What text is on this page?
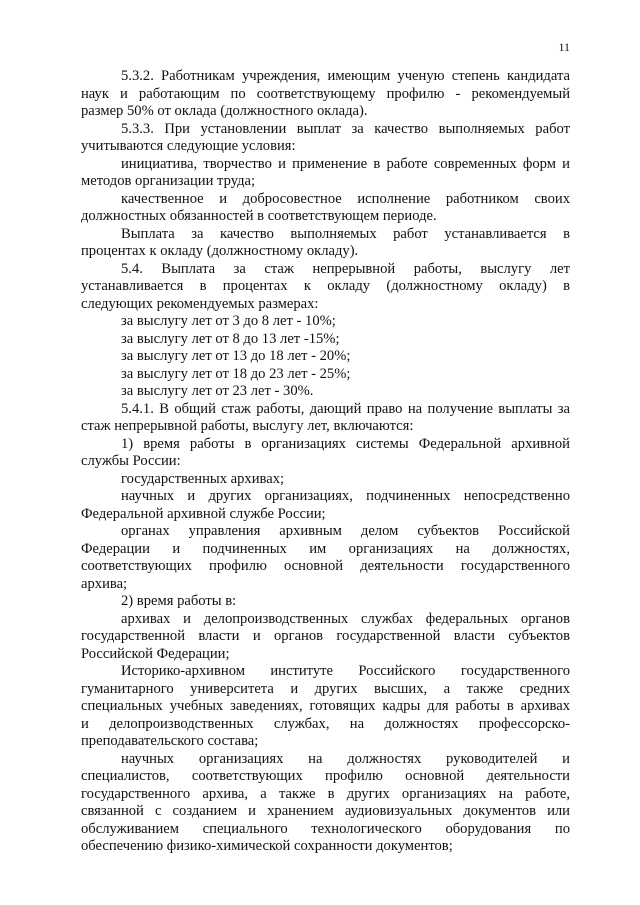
11
5.3.2. Работникам учреждения, имеющим ученую степень кандидата
наук и работающим по соответствующему профилю - рекомендуемый
размер 50% от оклада (должностного оклада).
5.3.3. При установлении выплат за качество выполняемых работ
учитываются следующие условия:
инициатива, творчество и применение в работе современных форм и
методов организации труда;
качественное и добросовестное исполнение работником своих
должностных обязанностей в соответствующем периоде.
Выплата за качество выполняемых работ устанавливается в
процентах к окладу (должностному окладу).
5.4. Выплата за стаж непрерывной работы, выслугу лет
устанавливается в процентах к окладу (должностному окладу) в
следующих рекомендуемых размерах:
за выслугу лет от 3 до 8 лет - 10%;
за выслугу лет от 8 до 13 лет -15%;
за выслугу лет от 13 до 18 лет - 20%;
за выслугу лет от 18 до 23 лет - 25%;
за выслугу лет от 23 лет - 30%.
5.4.1. В общий стаж работы, дающий право на получение выплаты за
стаж непрерывной работы, выслугу лет, включаются:
1) время работы в организациях системы Федеральной архивной
службы России:
государственных архивах;
научных и других организациях, подчиненных непосредственно
Федеральной архивной службе России;
органах управления архивным делом субъектов Российской
Федерации и подчиненных им организациях на должностях,
соответствующих профилю основной деятельности государственного
архива;
2) время работы в:
архивах и делопроизводственных службах федеральных органов
государственной власти и органов государственной власти субъектов
Российской Федерации;
Историко-архивном институте Российского государственного
гуманитарного университета и других высших, а также средних
специальных учебных заведениях, готовящих кадры для работы в архивах
и делопроизводственных службах, на должностях профессорско-
преподавательского состава;
научных организациях на должностях руководителей и
специалистов, соответствующих профилю основной деятельности
государственного архива, а также в других организациях на работе,
связанной с созданием и хранением аудиовизуальных документов или
обслуживанием специального технологического оборудования по
обеспечению физико-химической сохранности документов;
